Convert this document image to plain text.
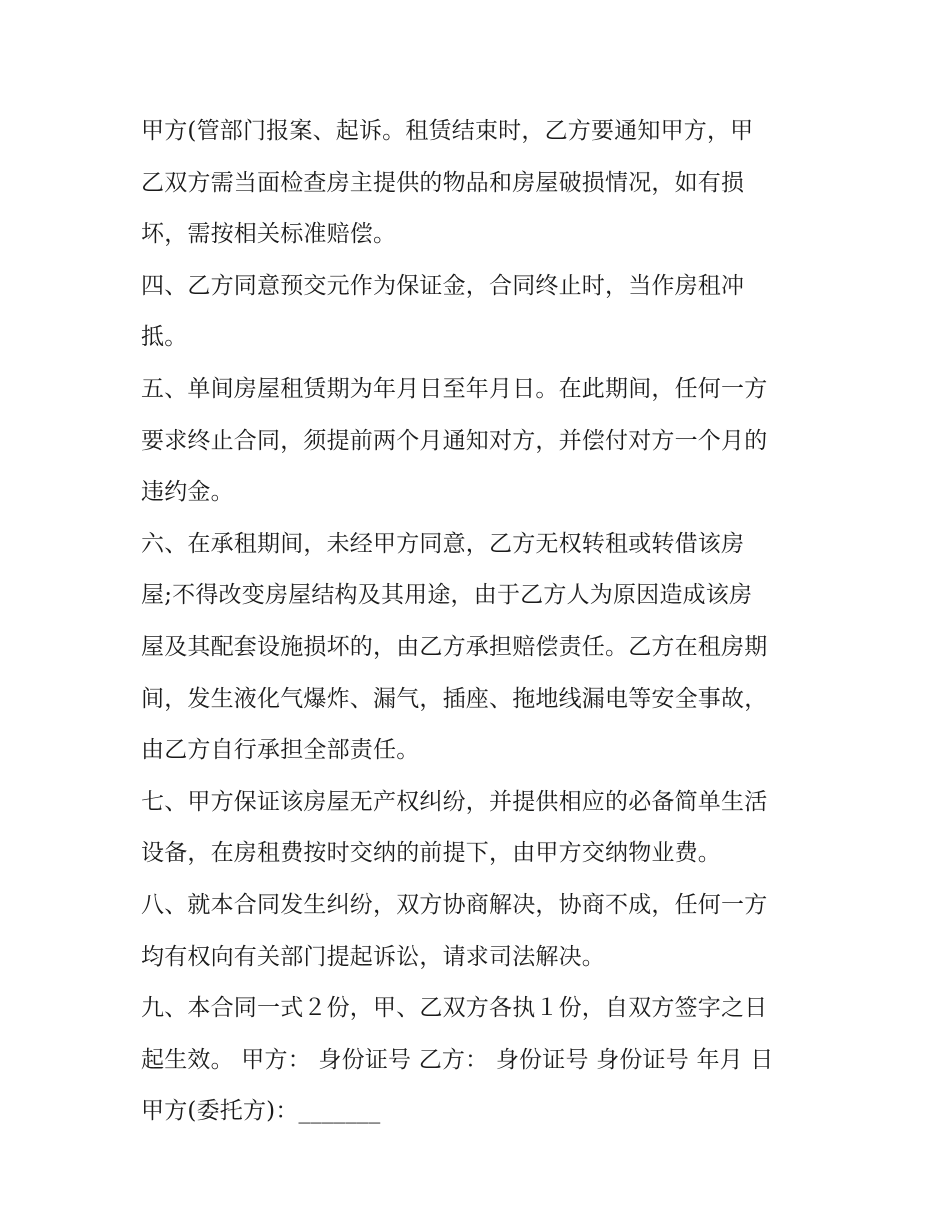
甲方(管部门报案、起诉。租赁结束时，乙方要通知甲方，甲
乙双方需当面检查房主提供的物品和房屋破损情况，如有损
坏，需按相关标准赔偿。
四、乙方同意预交元作为保证金，合同终止时，当作房租冲
抵。
五、单间房屋租赁期为年月日至年月日。在此期间，任何一方
要求终止合同，须提前两个月通知对方，并偿付对方一个月的
违约金。
六、在承租期间，未经甲方同意，乙方无权转租或转借该房
屋;不得改变房屋结构及其用途，由于乙方人为原因造成该房
屋及其配套设施损坏的，由乙方承担赔偿责任。乙方在租房期
间，发生液化气爆炸、漏气，插座、拖地线漏电等安全事故，
由乙方自行承担全部责任。
七、甲方保证该房屋无产权纠纷，并提供相应的必备简单生活
设备，在房租费按时交纳的前提下，由甲方交纳物业费。
八、就本合同发生纠纷，双方协商解决，协商不成，任何一方
均有权向有关部门提起诉讼，请求司法解决。
九、本合同一式２份，甲、乙双方各执１份，自双方签字之日
起生效。 甲方： 身份证号 乙方： 身份证号 身份证号 年月 日
甲方(委托方)：_______
